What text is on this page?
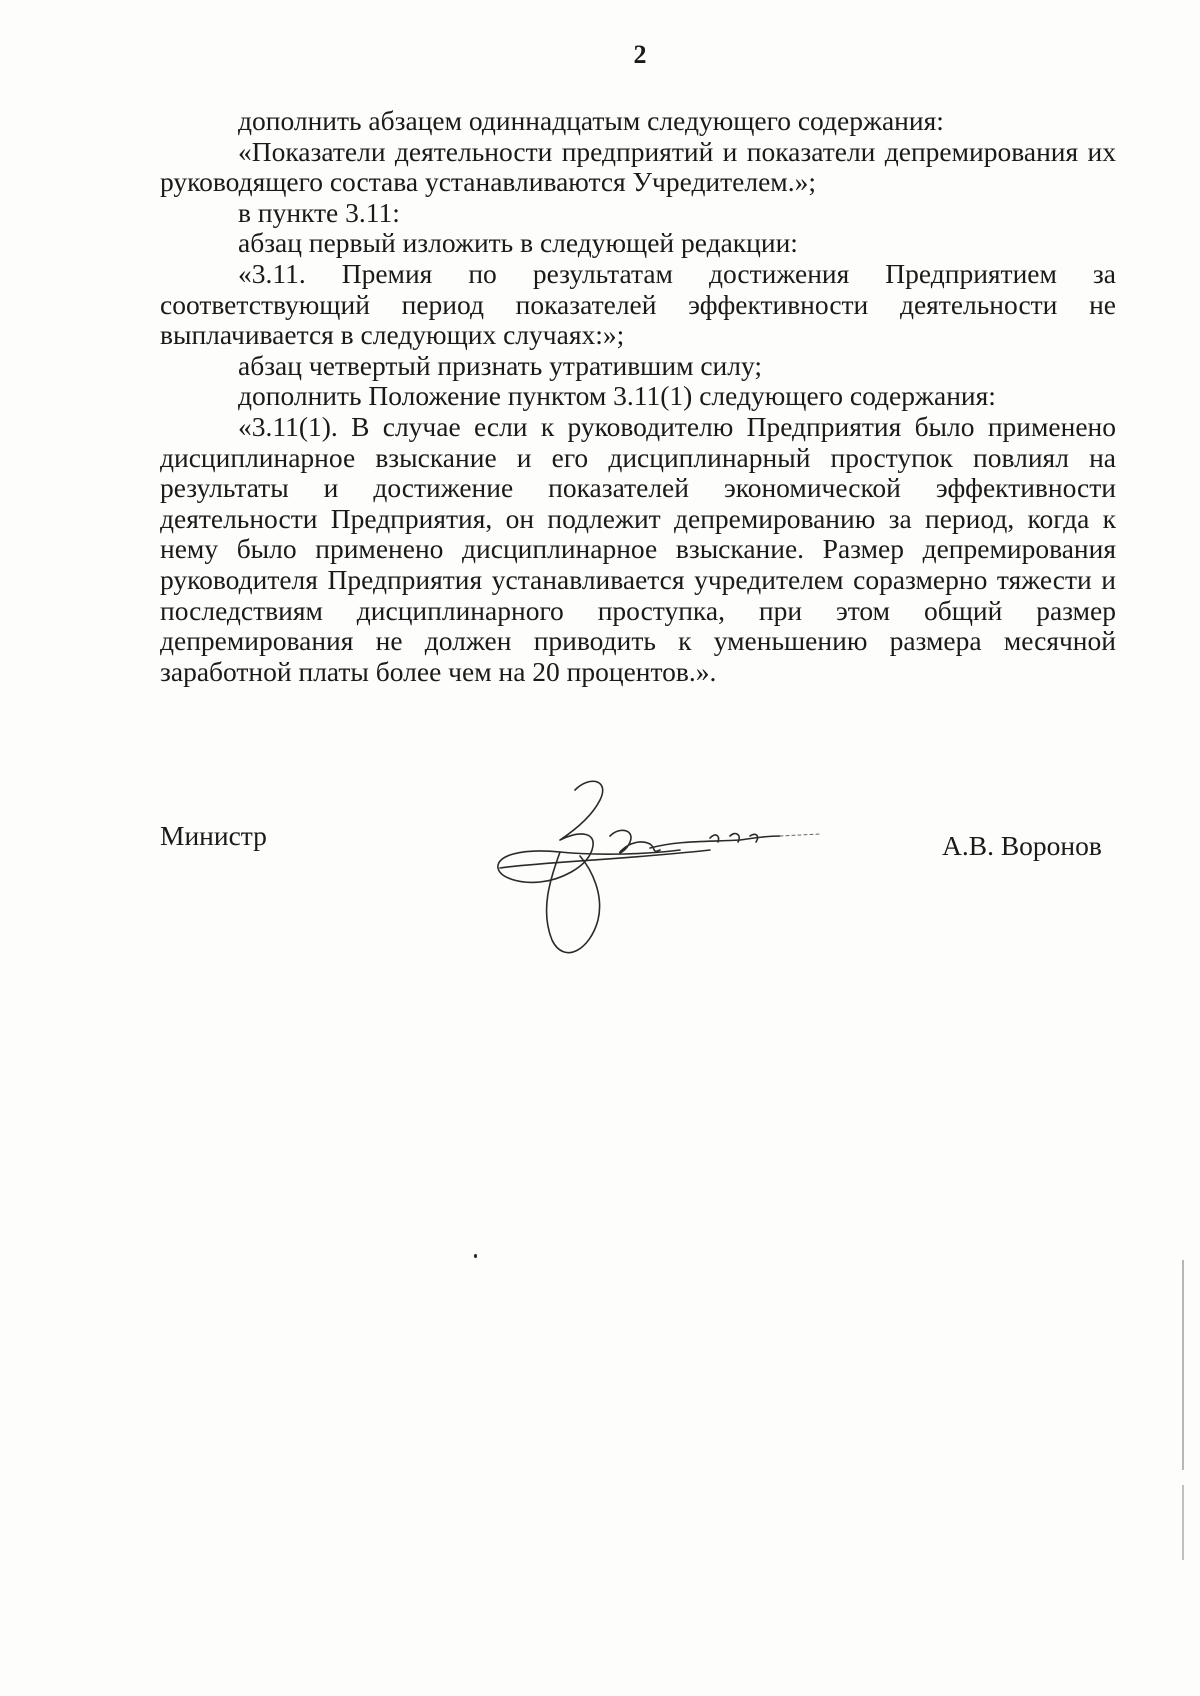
2

дополнить абзацем одиннадцатым следующего содержания:

«Показатели деятельности предприятий и показатели депремирования их руководящего состава устанавливаются Учредителем.»;

в пункте 3.11:

абзац первый изложить в следующей редакции:

«3.11. Премия по результатам достижения Предприятием за соответствующий период показателей эффективности деятельности не выплачивается в следующих случаях:»;

абзац четвертый признать утратившим силу;

дополнить Положение пунктом 3.11(1) следующего содержания:

«3.11(1). В случае если к руководителю Предприятия было применено дисциплинарное взыскание и его дисциплинарный проступок повлиял на результаты и достижение показателей экономической эффективности деятельности Предприятия, он подлежит депремированию за период, когда к нему было применено дисциплинарное взыскание. Размер депремирования руководителя Предприятия устанавливается учредителем соразмерно тяжести и последствиям дисциплинарного проступка, при этом общий размер депремирования не должен приводить к уменьшению размера месячной заработной платы более чем на 20 процентов.».

Министр	А.В. Воронов
